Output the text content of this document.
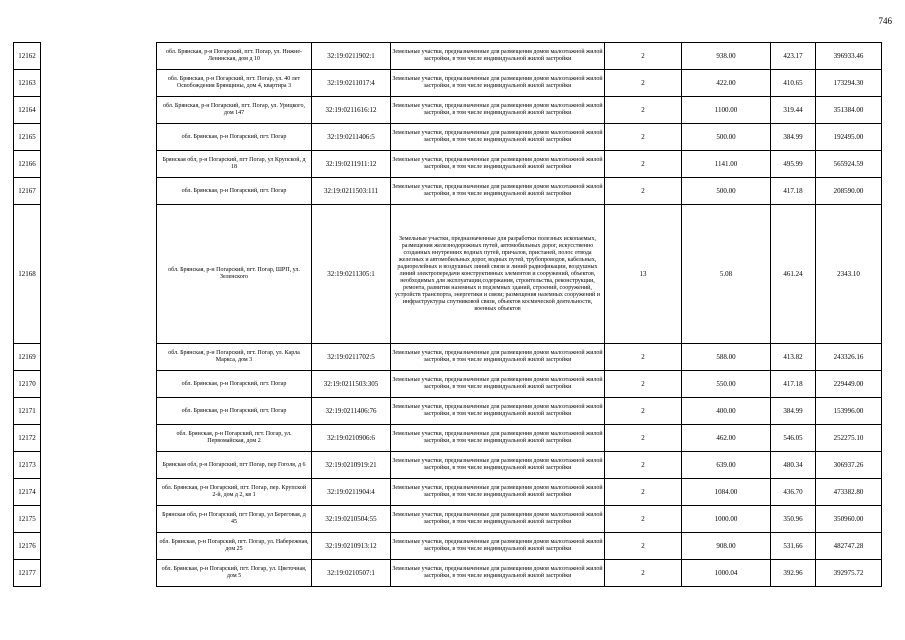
746
12162		обл. Брянская, р-н Погарский, пгт. Погар, ул. Нижне-Ленинская, дом д 10	32:19:0211902:1	Земельные участки, предназначенные для размещения домов малоэтажной жилой застройки, в том числе индивидуальной жилой застройки	2	938.00	423.17	396933.46
12163		обл. Брянская, р-н Погарский, пгт. Погар, ул. 40 лет Освобождения Брянщины, дом 4, квартира 3	32:19:0211017:4	Земельные участки, предназначенные для размещения домов малоэтажной жилой застройки, в том числе индивидуальной жилой застройки	2	422.00	410.65	173294.30
12164		обл. Брянская, р-н Погарский, пгт. Погар, ул. Урицкого, дом 147	32:19:0211616:12	Земельные участки, предназначенные для размещения домов малоэтажной жилой застройки, в том числе индивидуальной жилой застройки	2	1100.00	319.44	351384.00
12165		обл. Брянская, р-н Погарский, пгт. Погар	32:19:0211406:5	Земельные участки, предназначенные для размещения домов малоэтажной жилой застройки, в том числе индивидуальной жилой застройки	2	500.00	384.99	192495.00
12166		Брянская обл, р-н Погарский, пгт Погар, ул Крупской, д 18	32:19:0211911:12	Земельные участки, предназначенные для размещения домов малоэтажной жилой застройки, в том числе индивидуальной жилой застройки	2	1141.00	495.99	565924.59
12167		обл. Брянская, р-н Погарский, пгт. Погар	32:19:0211503:111	Земельные участки, предназначенные для размещения домов малоэтажной жилой застройки, в том числе индивидуальной жилой застройки	2	500.00	417.18	208590.00
12168		обл. Брянская, р-н Погарский, пгт. Погар, ШРП, ул. Зеленского	32:19:0211305:1	Земельные участки, предназначенные для разработки полезных ископаемых, размещения железнодорожных путей, автомобильных дорог, искусственно созданных внутренних водных путей, причалов, пристаней, полос отвода железных и автомобильных дорог, водных путей, трубопроводов, кабельных, радиорелейных и воздушных линий связи и линий радиофикации, воздушных линий электропередачи конструктивных элементов и сооружений, объектов, необходимых для эксплуатации,содержания, строительства, реконструкции, ремонта, развития наземных и подземных зданий, строений, сооружений, устройств транспорта, энергетики и связи; размещения наземных сооружений и инфраструктуры спутниковой связи, объектов космической деятельности, военных объектов	13	5.08	461.24	2343.10
12169		обл. Брянская, р-н Погарский, пгт. Погар, ул. Карла Маркса, дом 3	32:19:0211702:5	Земельные участки, предназначенные для размещения домов малоэтажной жилой застройки, в том числе индивидуальной жилой застройки	2	588.00	413.82	243326.16
12170		обл. Брянская, р-н Погарский, пгт. Погар	32:19:0211503:305	Земельные участки, предназначенные для размещения домов малоэтажной жилой застройки, в том числе индивидуальной жилой застройки	2	550.00	417.18	229449.00
12171		обл. Брянская, р-н Погарский, пгт. Погар	32:19:0211406:76	Земельные участки, предназначенные для размещения домов малоэтажной жилой застройки, в том числе индивидуальной жилой застройки	2	400.00	384.99	153996.00
12172		обл. Брянская, р-н Погарский, пгт. Погар, ул. Первомайская, дом 2	32:19:0210906:6	Земельные участки, предназначенные для размещения домов малоэтажной жилой застройки, в том числе индивидуальной жилой застройки	2	462.00	546.05	252275.10
12173		Брянская обл, р-н Погарский, пгт Погар, пер Гоголя, д 6	32:19:0210919:21	Земельные участки, предназначенные для размещения домов малоэтажной жилой застройки, в том числе индивидуальной жилой застройки	2	639.00	480.34	306937.26
12174		обл. Брянская, р-н Погарский, пгт. Погар, пер. Крупской 2-й, дом д 2, кв 1	32:19:0211904:4	Земельные участки, предназначенные для размещения домов малоэтажной жилой застройки, в том числе индивидуальной жилой застройки	2	1084.00	436.70	473382.80
12175		Брянская обл, р-н Погарский, пгт Погар, ул Береговая, д 45	32:19:0210504:55	Земельные участки, предназначенные для размещения домов малоэтажной жилой застройки, в том числе индивидуальной жилой застройки	2	1000.00	350.96	350960.00
12176		обл. Брянская, р-н Погарский, пгт. Погар, ул. Набережная, дом 25	32:19:0210913:12	Земельные участки, предназначенные для размещения домов малоэтажной жилой застройки, в том числе индивидуальной жилой застройки	2	908.00	531.66	482747.28
12177		обл. Брянская, р-н Погарский, пгт. Погар, ул. Цветочная, дом 5	32:19:0210507:1	Земельные участки, предназначенные для размещения домов малоэтажной жилой застройки, в том числе индивидуальной жилой застройки	2	1000.04	392.96	392975.72
